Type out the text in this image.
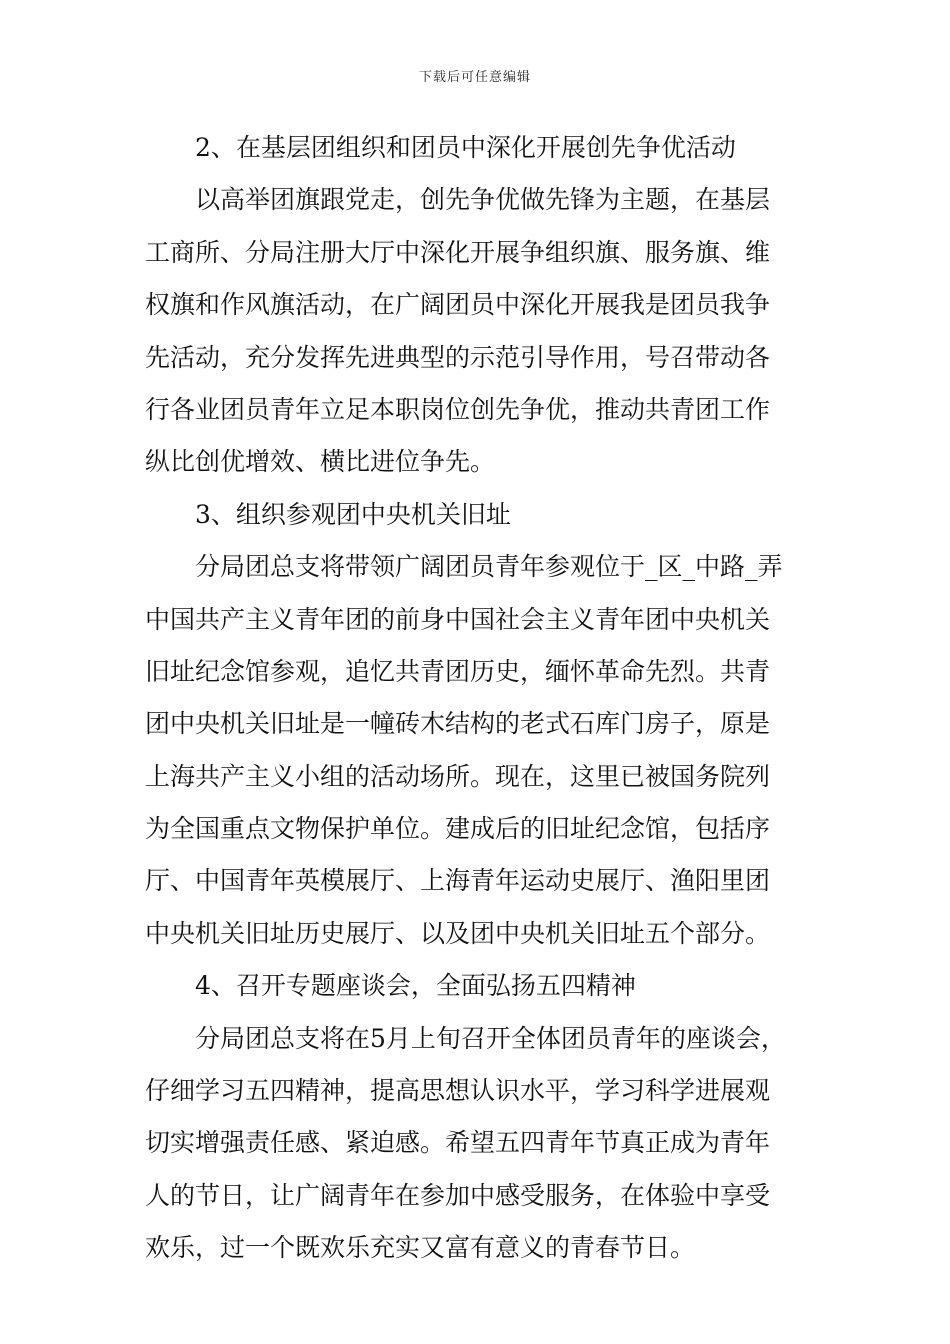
下载后可任意编辑
2、在基层团组织和团员中深化开展创先争优活动
以高举团旗跟党走，创先争优做先锋为主题，在基层
工商所、分局注册大厅中深化开展争组织旗、服务旗、维
权旗和作风旗活动，在广阔团员中深化开展我是团员我争
先活动，充分发挥先进典型的示范引导作用，号召带动各
行各业团员青年立足本职岗位创先争优，推动共青团工作
纵比创优增效、横比进位争先。
3、组织参观团中央机关旧址
分局团总支将带领广阔团员青年参观位于_区_中路_弄
中国共产主义青年团的前身中国社会主义青年团中央机关
旧址纪念馆参观，追忆共青团历史，缅怀革命先烈。共青
团中央机关旧址是一幢砖木结构的老式石库门房子，原是
上海共产主义小组的活动场所。现在，这里已被国务院列
为全国重点文物保护单位。建成后的旧址纪念馆，包括序
厅、中国青年英模展厅、上海青年运动史展厅、渔阳里团
中央机关旧址历史展厅、以及团中央机关旧址五个部分。
4、召开专题座谈会，全面弘扬五四精神
分局团总支将在5月上旬召开全体团员青年的座谈会，
仔细学习五四精神，提高思想认识水平，学习科学进展观
切实增强责任感、紧迫感。希望五四青年节真正成为青年
人的节日，让广阔青年在参加中感受服务，在体验中享受
欢乐，过一个既欢乐充实又富有意义的青春节日。
